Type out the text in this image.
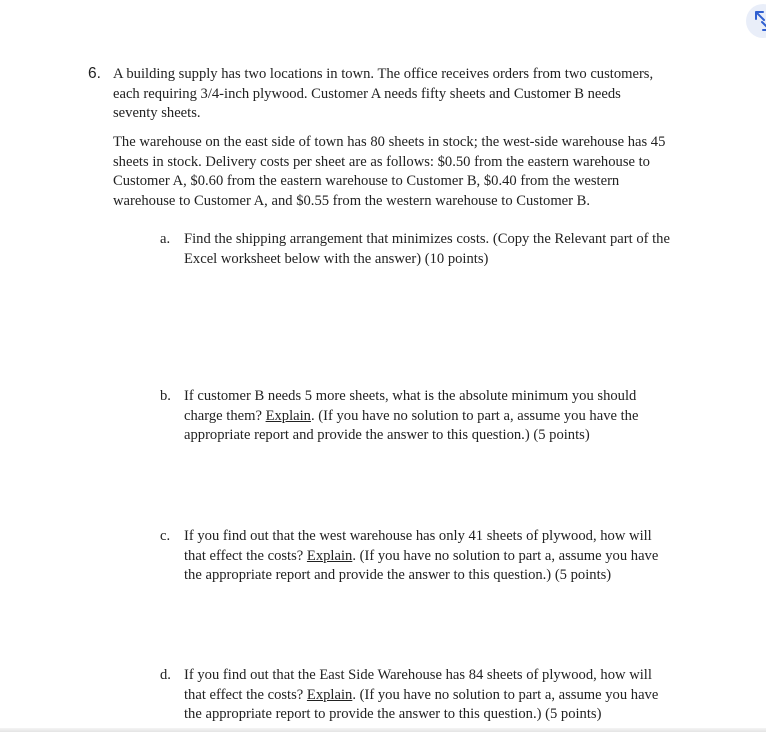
6. A building supply has two locations in town. The office receives orders from two customers,
each requiring 3/4-inch plywood. Customer A needs fifty sheets and Customer B needs
seventy sheets.
The warehouse on the east side of town has 80 sheets in stock; the west-side warehouse has 45
sheets in stock. Delivery costs per sheet are as follows: $0.50 from the eastern warehouse to
Customer A, $0.60 from the eastern warehouse to Customer B, $0.40 from the western
warehouse to Customer A, and $0.55 from the western warehouse to Customer B.
a. Find the shipping arrangement that minimizes costs. (Copy the Relevant part of the
Excel worksheet below with the answer) (10 points)
b. If customer B needs 5 more sheets, what is the absolute minimum you should
charge them? Explain. (If you have no solution to part a, assume you have the
appropriate report and provide the answer to this question.) (5 points)
c. If you find out that the west warehouse has only 41 sheets of plywood, how will
that effect the costs? Explain. (If you have no solution to part a, assume you have
the appropriate report and provide the answer to this question.) (5 points)
d. If you find out that the East Side Warehouse has 84 sheets of plywood, how will
that effect the costs? Explain. (If you have no solution to part a, assume you have
the appropriate report to provide the answer to this question.) (5 points)
